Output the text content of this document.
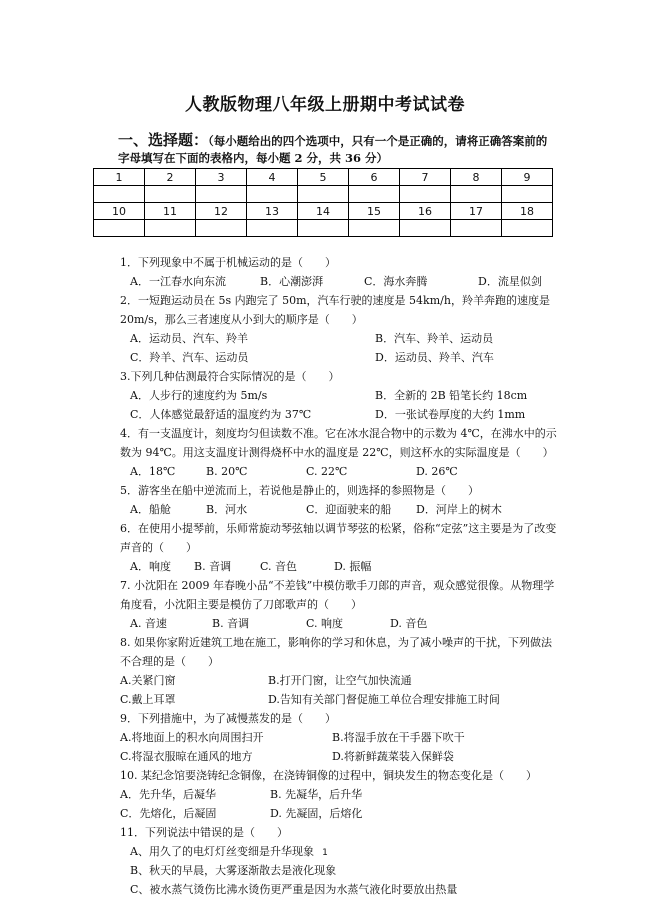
人教版物理八年级上册期中考试试卷
一、选择题：（每小题给出的四个选项中，只有一个是正确的，请将正确答案前的字母填写在下面的表格内，每小题 2 分，共 36 分）
1	2	3	4	5	6	7	8	9

10	11	12	13	14	15	16	17	18

1．下列现象中不属于机械运动的是（　　）
A．一江春水向东流	B．心潮澎湃	C．海水奔腾	D．流星似剑
2．一短跑运动员在 5s 内跑完了 50m，汽车行驶的速度是 54km/h，羚羊奔跑的速度是 20m/s，那么三者速度从小到大的顺序是（　　）
A．运动员、汽车、羚羊	B．汽车、羚羊、运动员
C．羚羊、汽车、运动员	D．运动员、羚羊、汽车
3.下列几种估测最符合实际情况的是（　　）
A．人步行的速度约为 5m/s	B．全新的 2B 铅笔长约 18cm
C．人体感觉最舒适的温度约为 37℃	D．一张试卷厚度的大约 1mm
4．有一支温度计，刻度均匀但读数不准。它在冰水混合物中的示数为 4℃，在沸水中的示数为 94℃。用这支温度计测得烧杯中水的温度是 22℃，则这杯水的实际温度是（　　）
A．18℃	B. 20℃	C. 22℃	D. 26℃
5．游客坐在船中逆流而上，若说他是静止的，则选择的参照物是（　　）
A．船舱	B．河水	C．迎面驶来的船 D．河岸上的树木
6．在使用小提琴前，乐师常旋动琴弦轴以调节琴弦的松紧，俗称“定弦”这主要是为了改变声音的（　　）
A．响度 B. 音调	C. 音色	D. 振幅
7. 小沈阳在 2009 年春晚小品“不差钱”中模仿歌手刀郎的声音，观众感觉很像。从物理学角度看，小沈阳主要是模仿了刀郎歌声的（　　）
A. 音速	B. 音调	C. 响度	D. 音色
8. 如果你家附近建筑工地在施工，影响你的学习和休息，为了减小噪声的干扰，下列做法不合理的是（　　）
A.关紧门窗	B.打开门窗，让空气加快流通
C.戴上耳罩	D.告知有关部门督促施工单位合理安排施工时间
9．下列措施中，为了减慢蒸发的是（　　）
A.将地面上的积水向周围扫开	B.将湿手放在干手器下吹干
C.将湿衣服晾在通风的地方	D.将新鲜蔬菜装入保鲜袋
10. 某纪念馆要浇铸纪念铜像，在浇铸铜像的过程中，铜块发生的物态变化是（　　）
A．先升华，后凝华	B. 先凝华，后升华
C．先熔化，后凝固	D. 先凝固，后熔化
11．下列说法中错误的是（　　）
A、用久了的电灯灯丝变细是升华现象
B、秋天的早晨，大雾逐渐散去是液化现象
C、被水蒸气烫伤比沸水烫伤更严重是因为水蒸气液化时要放出热量
1
